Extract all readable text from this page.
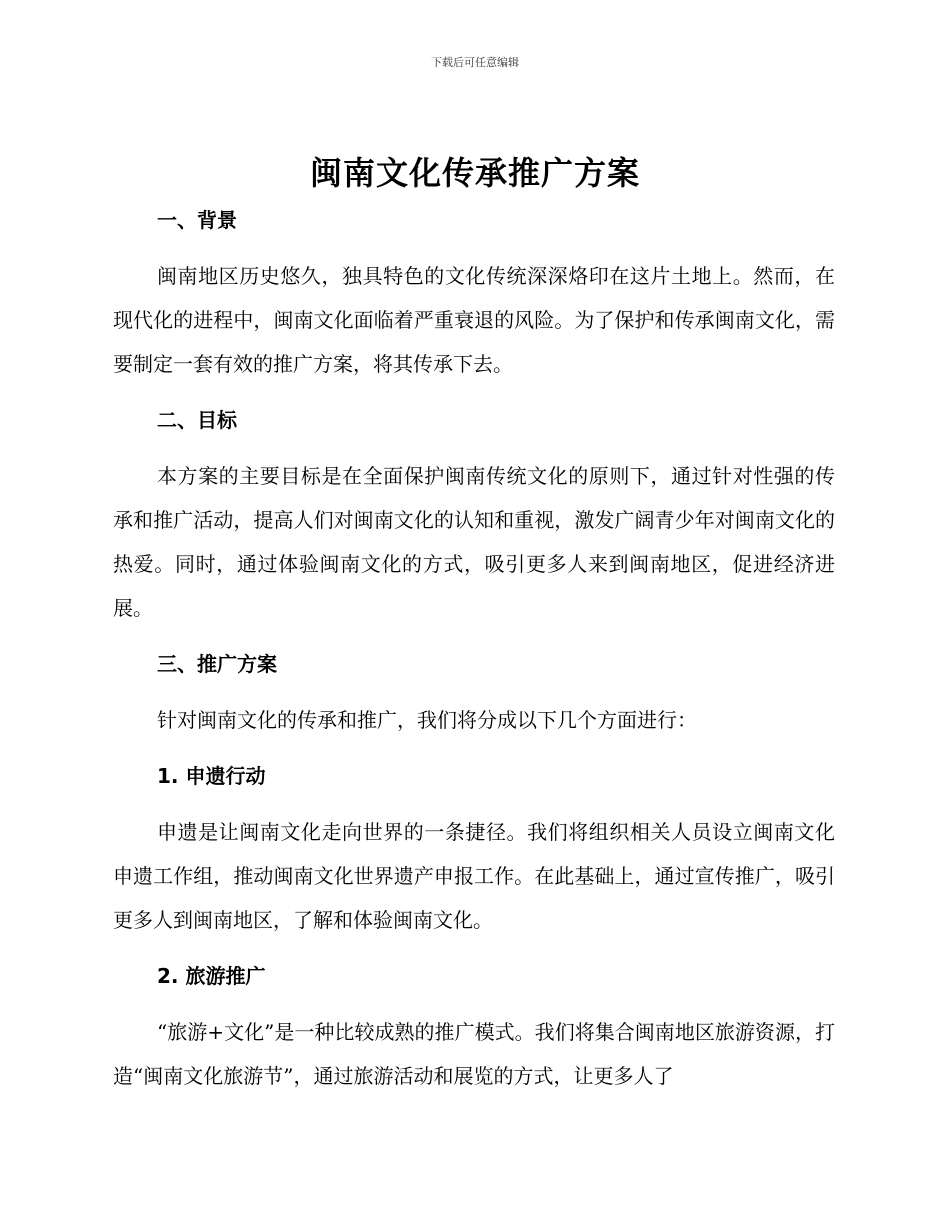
下载后可任意编辑
闽南文化传承推广方案

一、背景

闽南地区历史悠久，独具特色的文化传统深深烙印在这片土地上。然而，在现代化的进程中，闽南文化面临着严重衰退的风险。为了保护和传承闽南文化，需要制定一套有效的推广方案，将其传承下去。

二、目标

本方案的主要目标是在全面保护闽南传统文化的原则下，通过针对性强的传承和推广活动，提高人们对闽南文化的认知和重视，激发广阔青少年对闽南文化的热爱。同时，通过体验闽南文化的方式，吸引更多人来到闽南地区，促进经济进展。

三、推广方案

针对闽南文化的传承和推广，我们将分成以下几个方面进行：

1. 申遗行动

申遗是让闽南文化走向世界的一条捷径。我们将组织相关人员设立闽南文化申遗工作组，推动闽南文化世界遗产申报工作。在此基础上，通过宣传推广，吸引更多人到闽南地区，了解和体验闽南文化。

2. 旅游推广

“旅游+文化”是一种比较成熟的推广模式。我们将集合闽南地区旅游资源，打造“闽南文化旅游节”，通过旅游活动和展览的方式，让更多人了
